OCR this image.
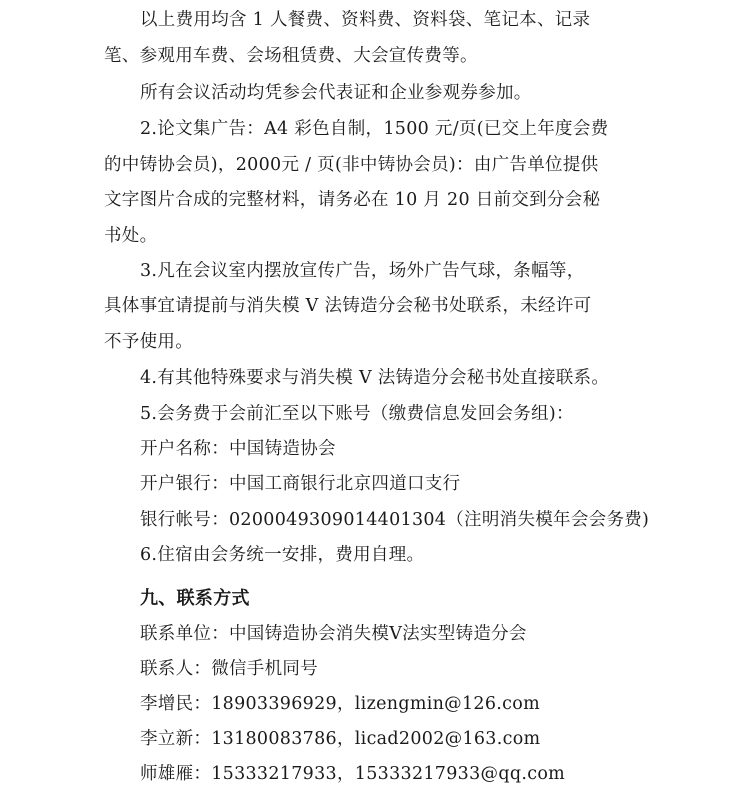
以上费用均含 1 人餐费、资料费、资料袋、笔记本、记录
笔、参观用车费、会场租赁费、大会宣传费等。
所有会议活动均凭参会代表证和企业参观券参加。
2.论文集广告：A4 彩色自制，1500 元/页(已交上年度会费
的中铸协会员)，2000元 / 页(非中铸协会员)：由广告单位提供
文字图片合成的完整材料，请务必在 10 月 20 日前交到分会秘
书处。
3.凡在会议室内摆放宣传广告，场外广告气球，条幅等，
具体事宜请提前与消失模 V 法铸造分会秘书处联系，未经许可
不予使用。
4.有其他特殊要求与消失模 V 法铸造分会秘书处直接联系。
5.会务费于会前汇至以下账号（缴费信息发回会务组)：
开户名称：中国铸造协会
开户银行：中国工商银行北京四道口支行
银行帐号：0200049309014401304（注明消失模年会会务费)
6.住宿由会务统一安排，费用自理。
九、联系方式
联系单位：中国铸造协会消失模Ⅴ法实型铸造分会
联系人：微信手机同号
李增民：18903396929，lizengmin@126.com
李立新：13180083786，licad2002@163.com
师雄雁：15333217933，15333217933@qq.com
